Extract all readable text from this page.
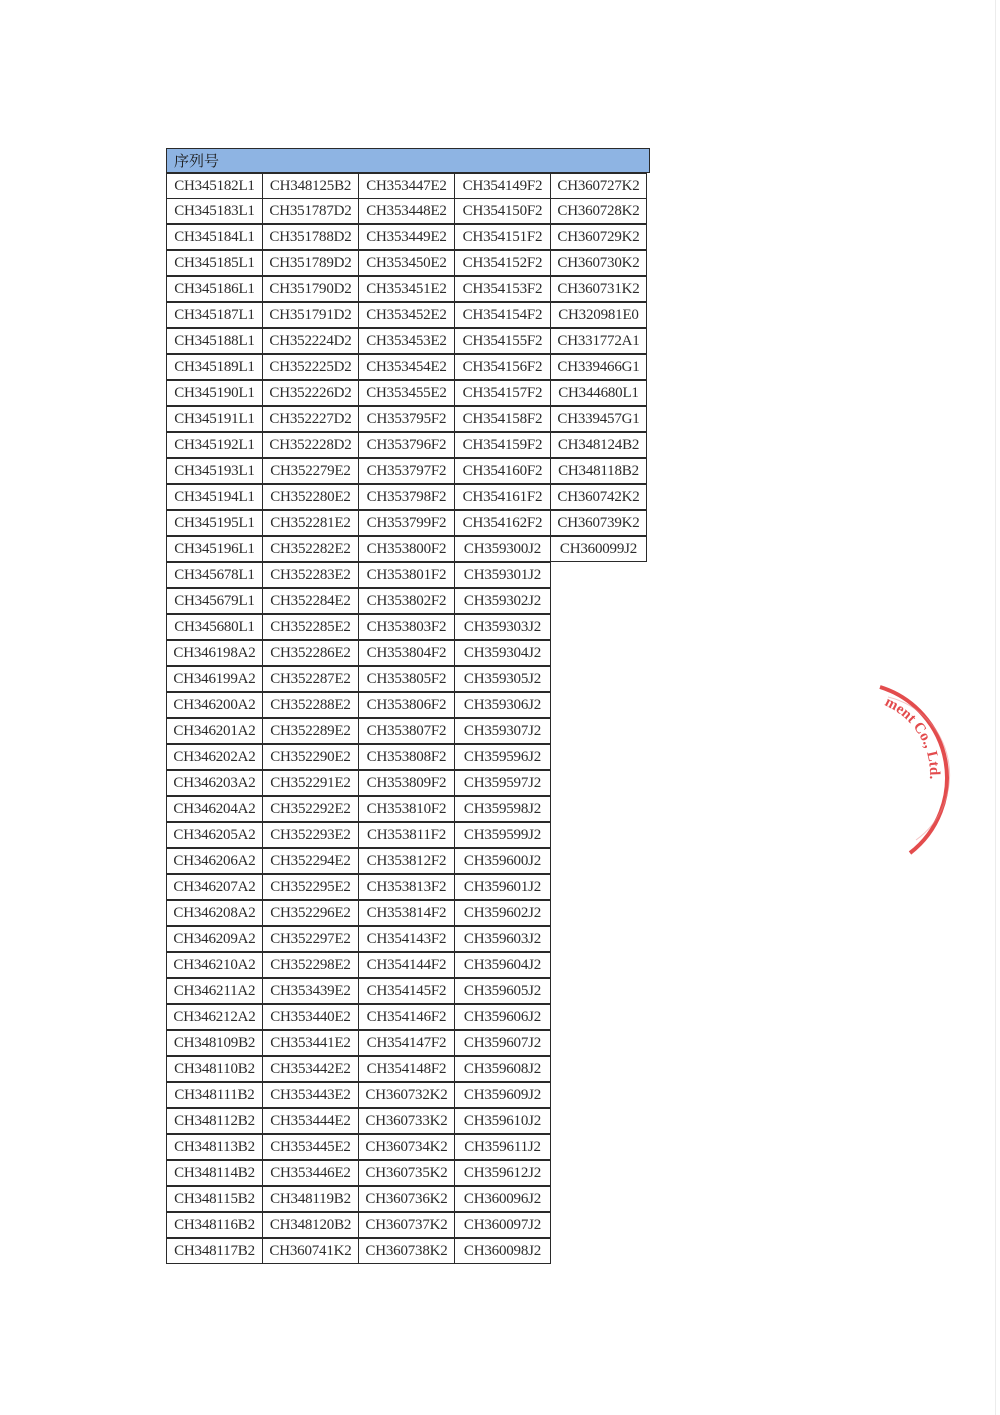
序列号
CH345182L1	CH348125B2	CH353447E2	CH354149F2	CH360727K2
CH345183L1 CH351787D2 CH353448E2	CH354150F2	CH360728K2
CH345184L1 CH351788D2 CH353449E2	CH354151F2	CH360729K2
CH345185L1 CH351789D2 CH353450E2	CH354152F2	CH360730K2
CH345186L1 CH351790D2 CH353451E2	CH354153F2	CH360731K2
CH345187L1 CH351791D2 CH353452E2	CH354154F2	CH320981E0
CH345188L1 CH352224D2 CH353453E2	CH354155F2	CH331772A1
CH345189L1 CH352225D2 CH353454E2	CH354156F2	CH339466G1
CH345190L1 CH352226D2 CH353455E2	CH354157F2	CH344680L1
CH345191L1 CH352227D2	CH353795F2	CH354158F2	CH339457G1
CH345192L1 CH352228D2	CH353796F2	CH354159F2	CH348124B2
CH345193L1	CH352279E2	CH353797F2	CH354160F2	CH348118B2
CH345194L1	CH352280E2	CH353798F2	CH354161F2	CH360742K2
CH345195L1	CH352281E2	CH353799F2	CH354162F2	CH360739K2
CH345196L1	CH352282E2	CH353800F2	CH359300J2	CH360099J2
CH345678L1	CH352283E2	CH353801F2	CH359301J2
CH345679L1	CH352284E2	CH353802F2	CH359302J2
CH345680L1	CH352285E2	CH353803F2	CH359303J2
CH346198A2 CH352286E2	CH353804F2	CH359304J2
CH346199A2 CH352287E2	CH353805F2	CH359305J2
CH346200A2 CH352288E2	CH353806F2	CH359306J2
CH346201A2 CH352289E2	CH353807F2	CH359307J2
CH346202A2 CH352290E2	CH353808F2	CH359596J2
CH346203A2 CH352291E2	CH353809F2	CH359597J2
CH346204A2 CH352292E2	CH353810F2	CH359598J2
CH346205A2 CH352293E2	CH353811F2	CH359599J2
CH346206A2 CH352294E2	CH353812F2	CH359600J2
CH346207A2 CH352295E2	CH353813F2	CH359601J2
CH346208A2 CH352296E2	CH353814F2	CH359602J2
CH346209A2 CH352297E2	CH354143F2	CH359603J2
CH346210A2 CH352298E2	CH354144F2	CH359604J2
CH346211A2 CH353439E2	CH354145F2	CH359605J2
CH346212A2 CH353440E2	CH354146F2	CH359606J2
CH348109B2	CH353441E2	CH354147F2	CH359607J2
CH348110B2	CH353442E2	CH354148F2	CH359608J2
CH348111B2	CH353443E2 CH360732K2	CH359609J2
CH348112B2	CH353444E2 CH360733K2	CH359610J2
CH348113B2	CH353445E2 CH360734K2	CH359611J2
CH348114B2	CH353446E2 CH360735K2	CH359612J2
CH348115B2	CH348119B2 CH360736K2	CH360096J2
CH348116B2 CH348120B2 CH360737K2	CH360097J2
CH348117B2 CH360741K2 CH360738K2	CH360098J2
ment Co., Ltd.
